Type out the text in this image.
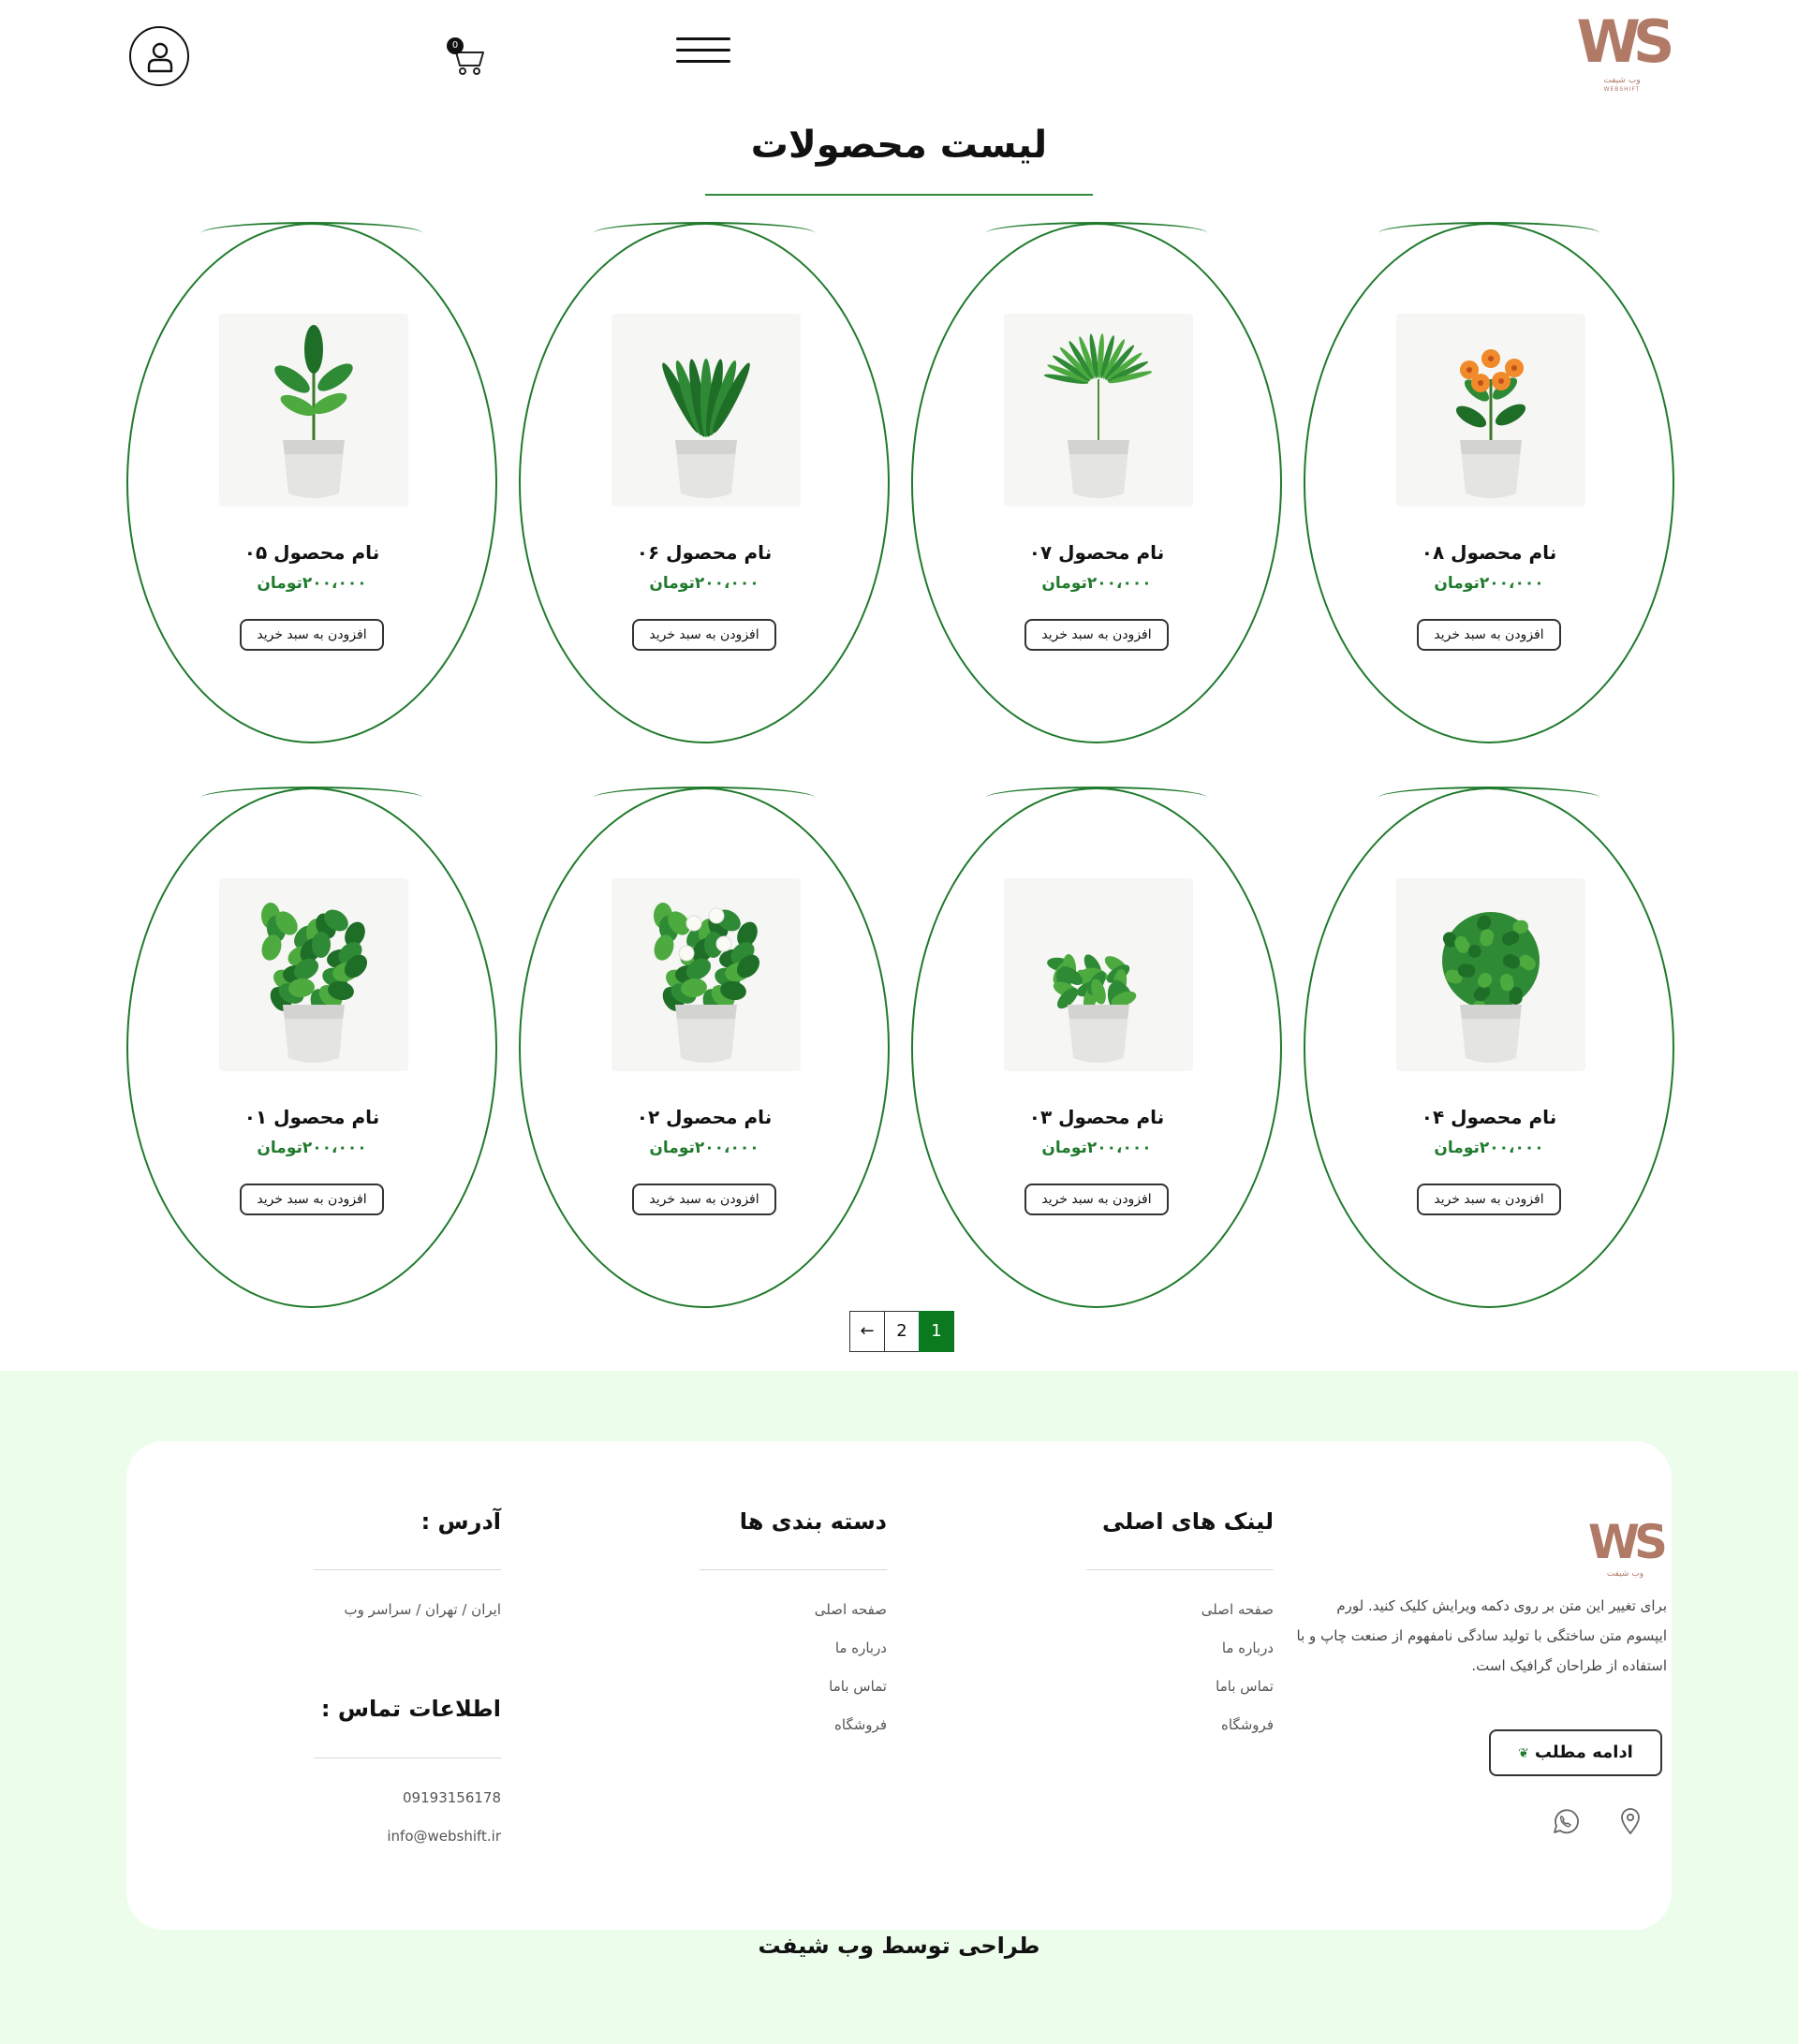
WS
وب شیفت
WEBSHIFT
0
لیست محصولات
نام محصول ۰۵
۲۰۰،۰۰۰تومان
افزودن به سبد خرید
نام محصول ۰۶
۲۰۰،۰۰۰تومان
افزودن به سبد خرید
نام محصول ۰۷
۲۰۰،۰۰۰تومان
افزودن به سبد خرید
نام محصول ۰۸
۲۰۰،۰۰۰تومان
افزودن به سبد خرید
نام محصول ۰۱
۲۰۰،۰۰۰تومان
افزودن به سبد خرید
نام محصول ۰۲
۲۰۰،۰۰۰تومان
افزودن به سبد خرید
نام محصول ۰۳
۲۰۰،۰۰۰تومان
افزودن به سبد خرید
نام محصول ۰۴
۲۰۰،۰۰۰تومان
افزودن به سبد خرید
←	2	1
WS
وب شیفت

برای تغییر این متن بر روی دکمه ویرایش کلیک کنید. لورم ایپسوم متن ساختگی با تولید سادگی نامفهوم از صنعت چاپ و با استفاده از طراحان گرافیک است.

ادامه مطلب❦
لینک های اصلی
صفحه اصلی
درباره ما
تماس باما
فروشگاه
دسته بندی ها
صفحه اصلی
درباره ما
تماس باما
فروشگاه
آدرس :
ایران / تهران / سراسر وب
اطلاعات تماس :
09193156178
info@webshift.ir
طراحی توسط وب شیفت
